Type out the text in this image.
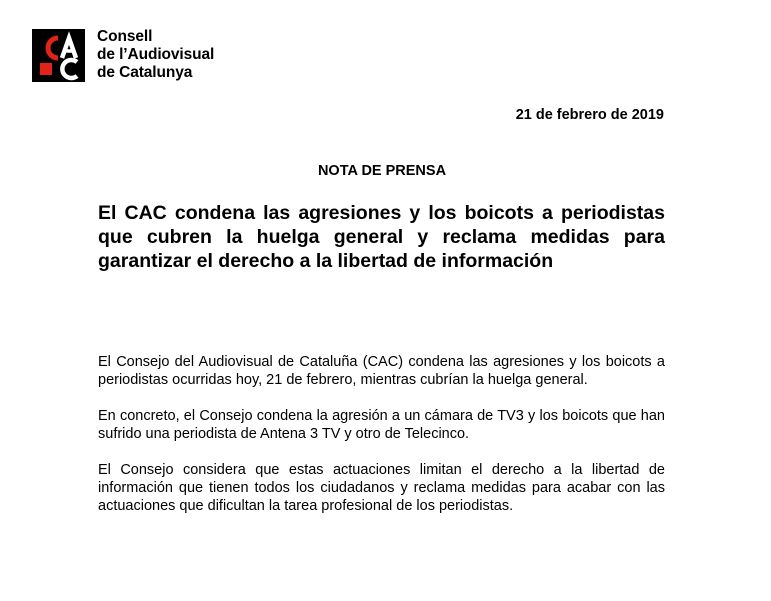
Consell
de l’Audiovisual
de Catalunya
21 de febrero de 2019
NOTA DE PRENSA
El CAC condena las agresiones y los boicots a periodistas que cubren la huelga general y reclama medidas para garantizar el derecho a la libertad de información

El Consejo del Audiovisual de Cataluña (CAC) condena las agresiones y los boicots a periodistas ocurridas hoy, 21 de febrero, mientras cubrían la huelga general.

En concreto, el Consejo condena la agresión a un cámara de TV3 y los boicots que han sufrido una periodista de Antena 3 TV y otro de Telecinco.

El Consejo considera que estas actuaciones limitan el derecho a la libertad de información que tienen todos los ciudadanos y reclama medidas para acabar con las actuaciones que dificultan la tarea profesional de los periodistas.
